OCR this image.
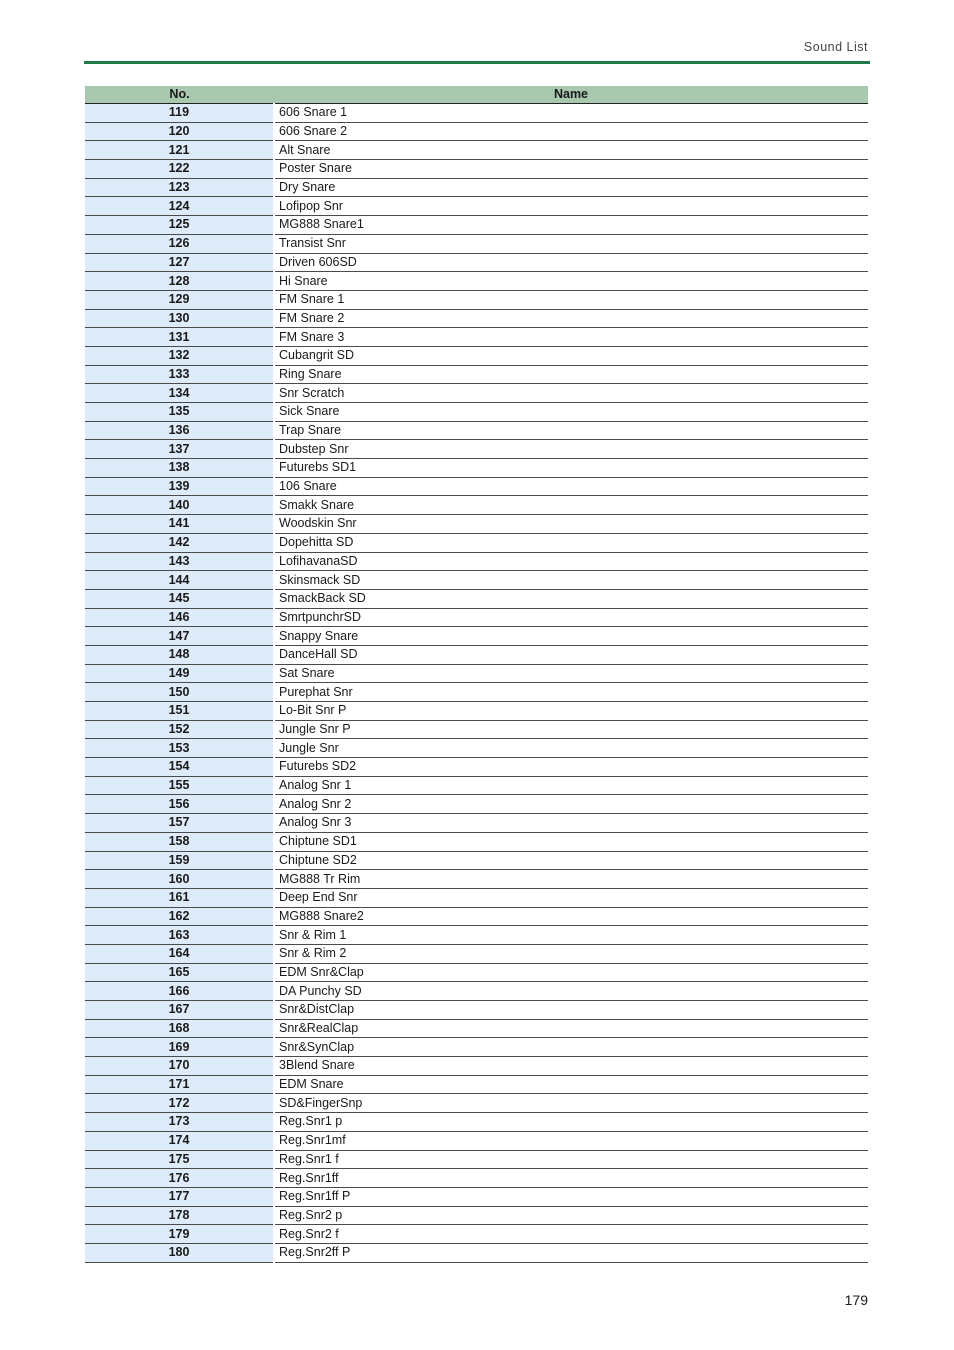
Sound List
No.	Name
119	606 Snare 1
120	606 Snare 2
121	Alt Snare
122	Poster Snare
123	Dry Snare
124	Lofipop Snr
125	MG888 Snare1
126	Transist Snr
127	Driven 606SD
128	Hi Snare
129	FM Snare 1
130	FM Snare 2
131	FM Snare 3
132	Cubangrit SD
133	Ring Snare
134	Snr Scratch
135	Sick Snare
136	Trap Snare
137	Dubstep Snr
138	Futurebs SD1
139	106 Snare
140	Smakk Snare
141	Woodskin Snr
142	Dopehitta SD
143	LofihavanaSD
144	Skinsmack SD
145	SmackBack SD
146	SmrtpunchrSD
147	Snappy Snare
148	DanceHall SD
149	Sat Snare
150	Purephat Snr
151	Lo-Bit Snr P
152	Jungle Snr P
153	Jungle Snr
154	Futurebs SD2
155	Analog Snr 1
156	Analog Snr 2
157	Analog Snr 3
158	Chiptune SD1
159	Chiptune SD2
160	MG888 Tr Rim
161	Deep End Snr
162	MG888 Snare2
163	Snr & Rim 1
164	Snr & Rim 2
165	EDM Snr&Clap
166	DA Punchy SD
167	Snr&DistClap
168	Snr&RealClap
169	Snr&SynClap
170	3Blend Snare
171	EDM Snare
172	SD&FingerSnp
173	Reg.Snr1 p
174	Reg.Snr1mf
175	Reg.Snr1 f
176	Reg.Snr1ff
177	Reg.Snr1ff P
178	Reg.Snr2 p
179	Reg.Snr2 f
180	Reg.Snr2ff P
179
